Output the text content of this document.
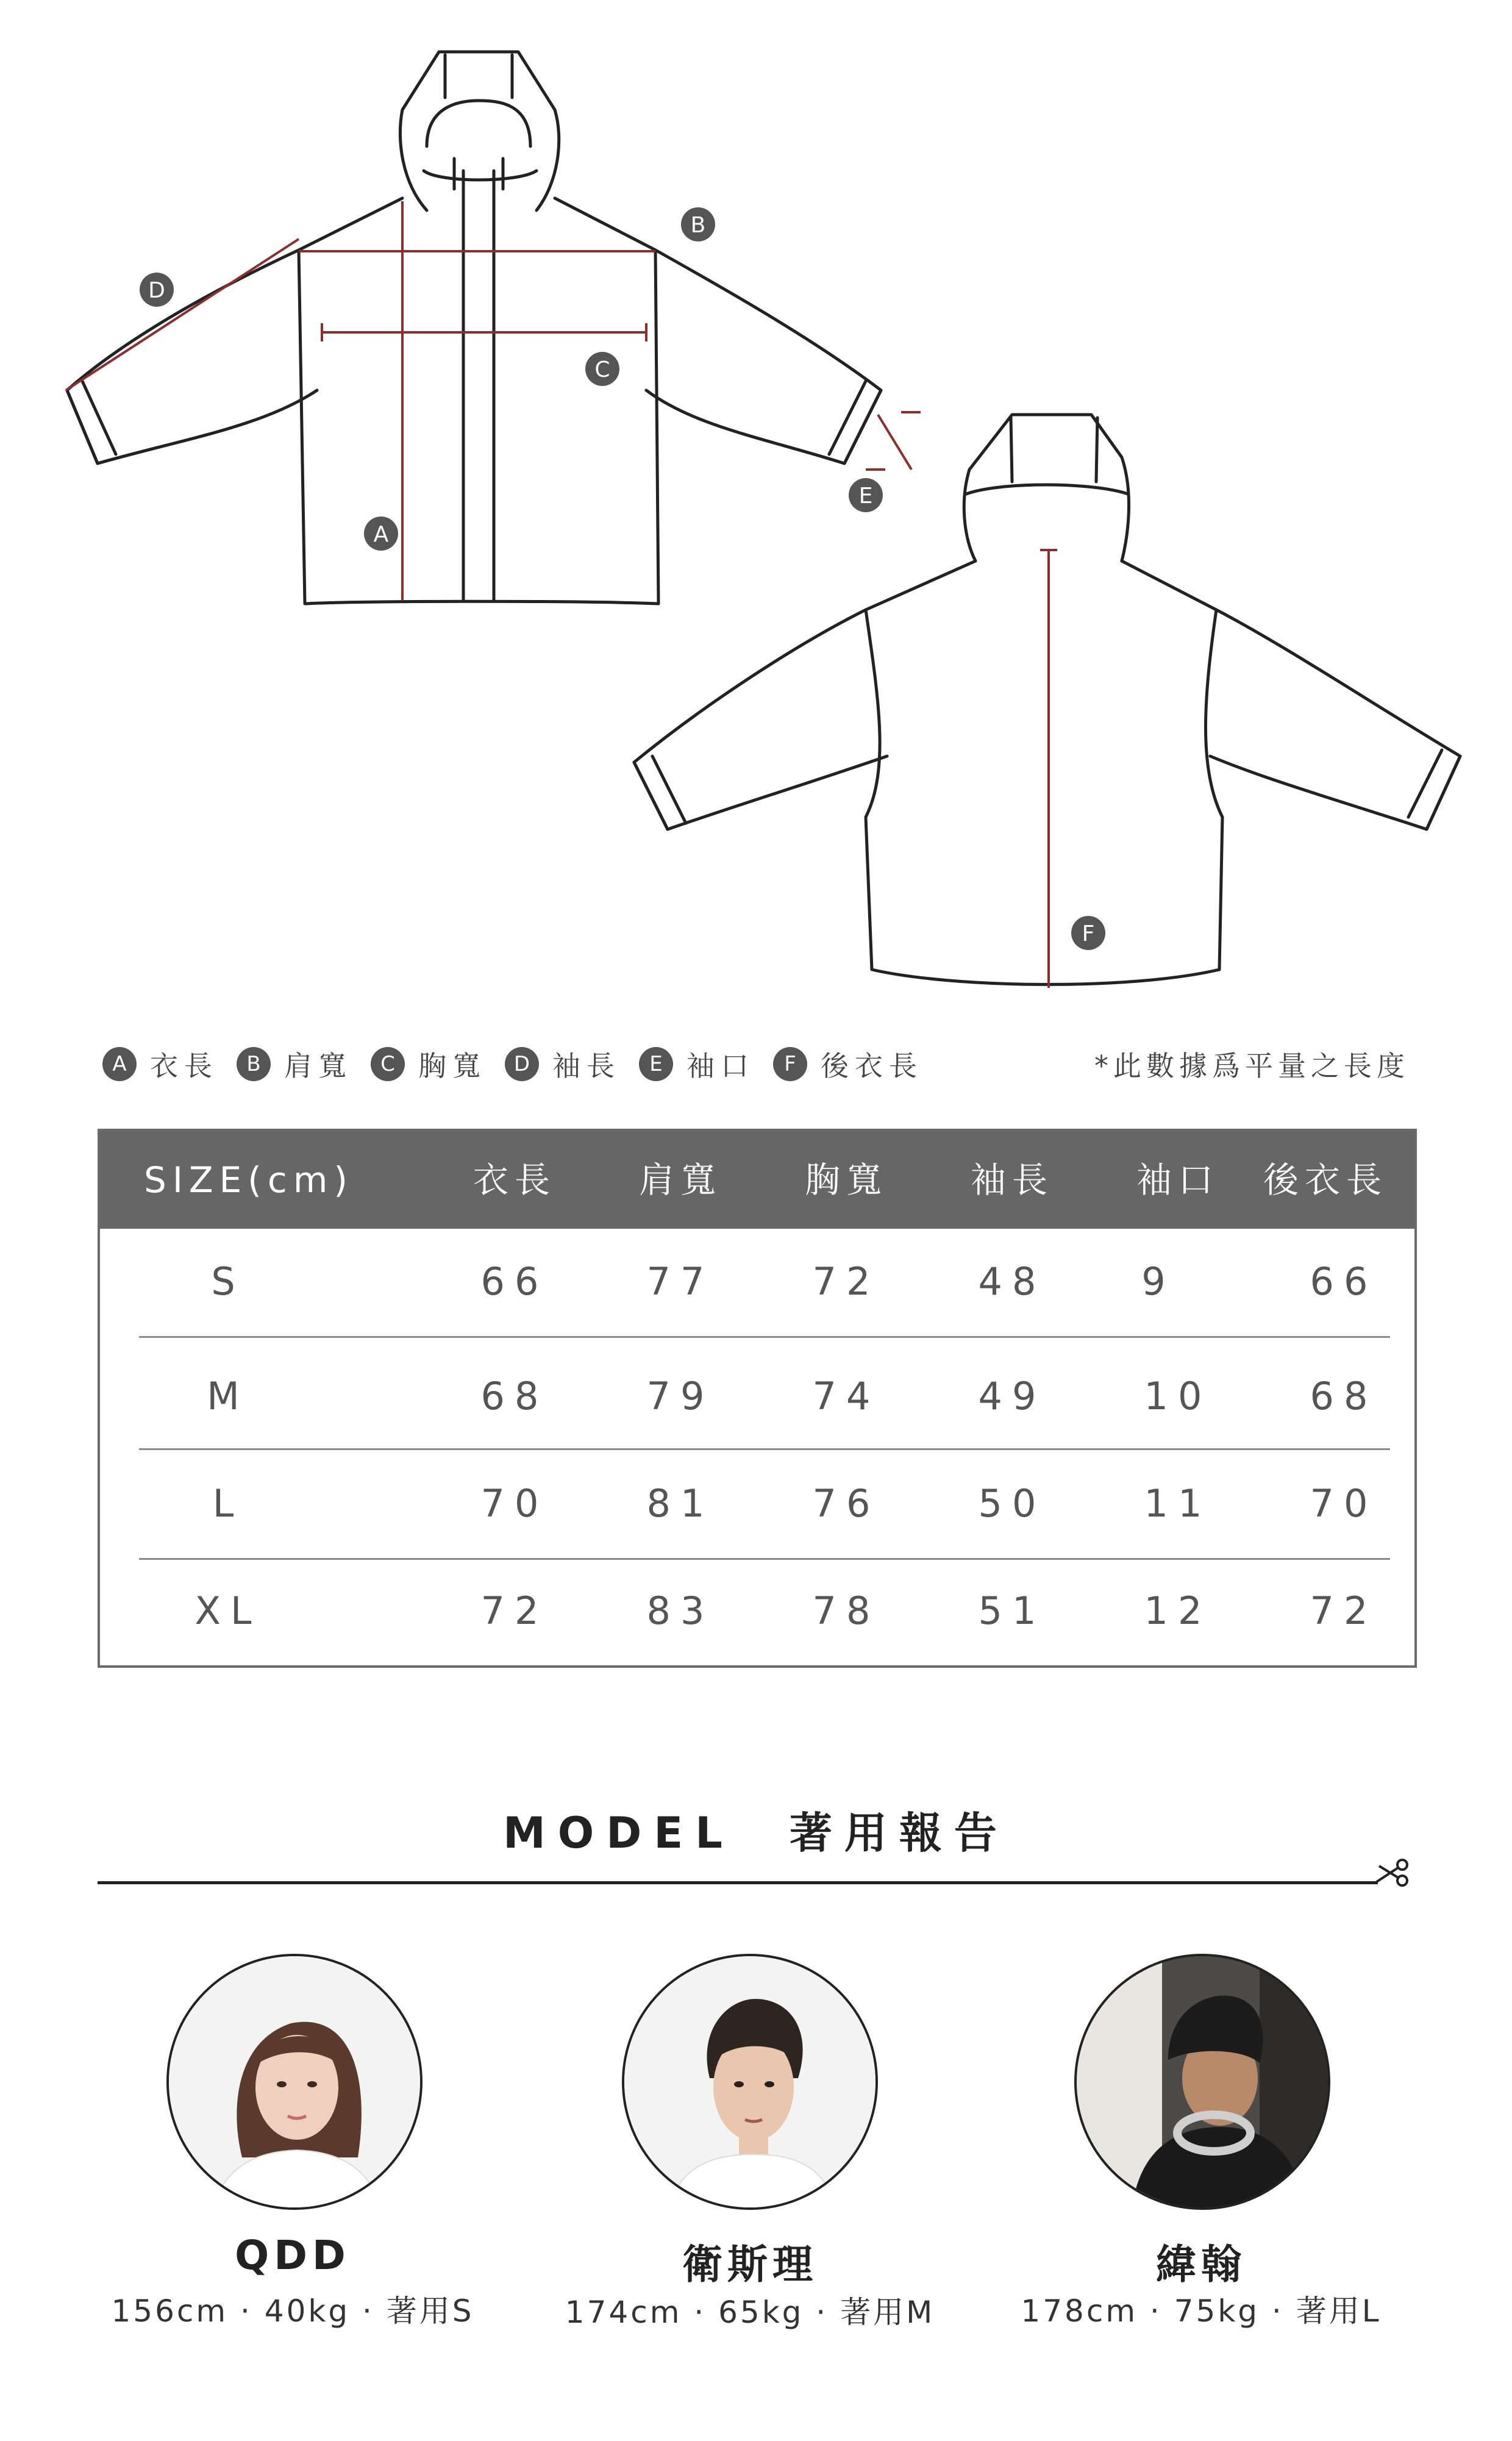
A
B
C
D
E
F
A 衣長	B 肩寬	C 胸寬	D 袖長	E 袖口	F 後衣長	*此數據爲平量之長度
SIZE(cm)	衣長	肩寬	胸寬	袖長	袖口	後衣長
S	66	77	72	48	9	66
M	68	79	74	49	10	68
L	70	81	76	50	11	70
XL	72	83	78	51	12	72
MODEL　著用報告
QDD
156cm · 40kg · 著用S
衛斯理
174cm · 65kg · 著用M
緯翰
178cm · 75kg · 著用L
